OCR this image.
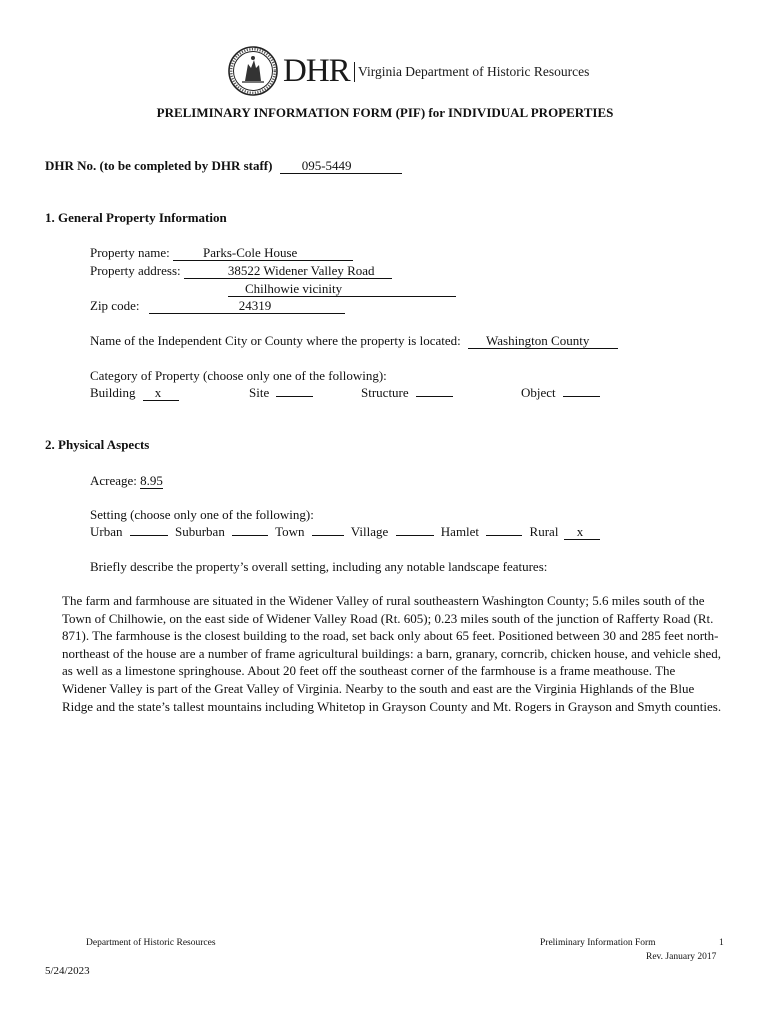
DHR Virginia Department of Historic Resources
PRELIMINARY INFORMATION FORM (PIF) for INDIVIDUAL PROPERTIES
DHR No. (to be completed by DHR staff) 095-5449
1. General Property Information
Property name:	Parks-Cole House
Property address:	38522 Widener Valley Road
Chilhowie vicinity
Zip code:	24319
Name of the Independent City or County where the property is located: Washington County
Category of Property (choose only one of the following):
Building x	Site	Structure	Object
2. Physical Aspects
Acreage: 8.95
Setting (choose only one of the following):
Urban	Suburban	Town	Village	Hamlet	Rural x
Briefly describe the property’s overall setting, including any notable landscape features:
The farm and farmhouse are situated in the Widener Valley of rural southeastern Washington County; 5.6 miles south of the Town of Chilhowie, on the east side of Widener Valley Road (Rt. 605); 0.23 miles south of the junction of Rafferty Road (Rt. 871). The farmhouse is the closest building to the road, set back only about 65 feet. Positioned between 30 and 285 feet north-northeast of the house are a number of frame agricultural buildings: a barn, granary, corncrib, chicken house, and vehicle shed, as well as a limestone springhouse. About 20 feet off the southeast corner of the farmhouse is a frame meathouse. The Widener Valley is part of the Great Valley of Virginia. Nearby to the south and east are the Virginia Highlands of the Blue Ridge and the state’s tallest mountains including Whitetop in Grayson County and Mt. Rogers in Grayson and Smyth counties.
Department of Historic Resources	Preliminary Information Form	1
Rev. January 2017
5/24/2023
